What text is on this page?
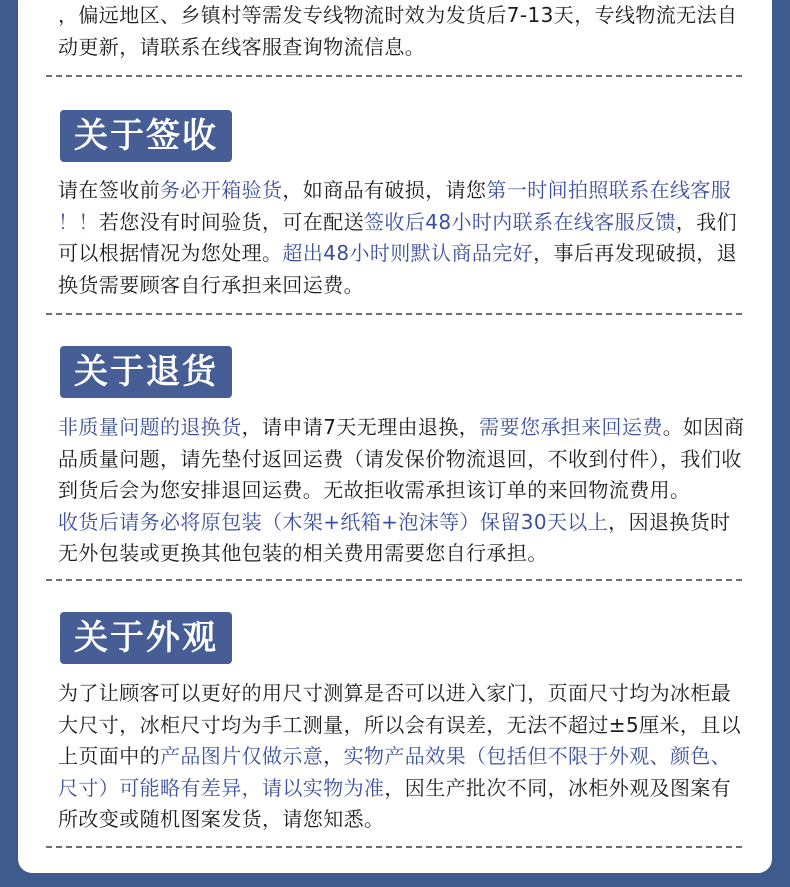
，偏远地区、乡镇村等需发专线物流时效为发货后7-13天，专线物流无法自
动更新，请联系在线客服查询物流信息。

关于签收

请在签收前务必开箱验货，如商品有破损，请您第一时间拍照联系在线客服
！！若您没有时间验货，可在配送签收后48小时内联系在线客服反馈，我们可以根据情况为您处理。超出48小时则默认商品完好，事后再发现破损，退换货需要顾客自行承担来回运费。

关于退货

非质量问题的退换货，请申请7天无理由退换，需要您承担来回运费。如因商品质量问题，请先垫付返回运费（请发保价物流退回，不收到付件），我们收到货后会为您安排退回运费。无故拒收需承担该订单的来回物流费用。
收货后请务必将原包装（木架+纸箱+泡沫等）保留30天以上，因退换货时无外包装或更换其他包装的相关费用需要您自行承担。

关于外观

为了让顾客可以更好的用尺寸测算是否可以进入家门，页面尺寸均为冰柜最大尺寸，冰柜尺寸均为手工测量，所以会有误差，无法不超过±5厘米，且以上页面中的产品图片仅做示意，实物产品效果（包括但不限于外观、颜色、尺寸）可能略有差异，请以实物为准，因生产批次不同，冰柜外观及图案有所改变或随机图案发货，请您知悉。
